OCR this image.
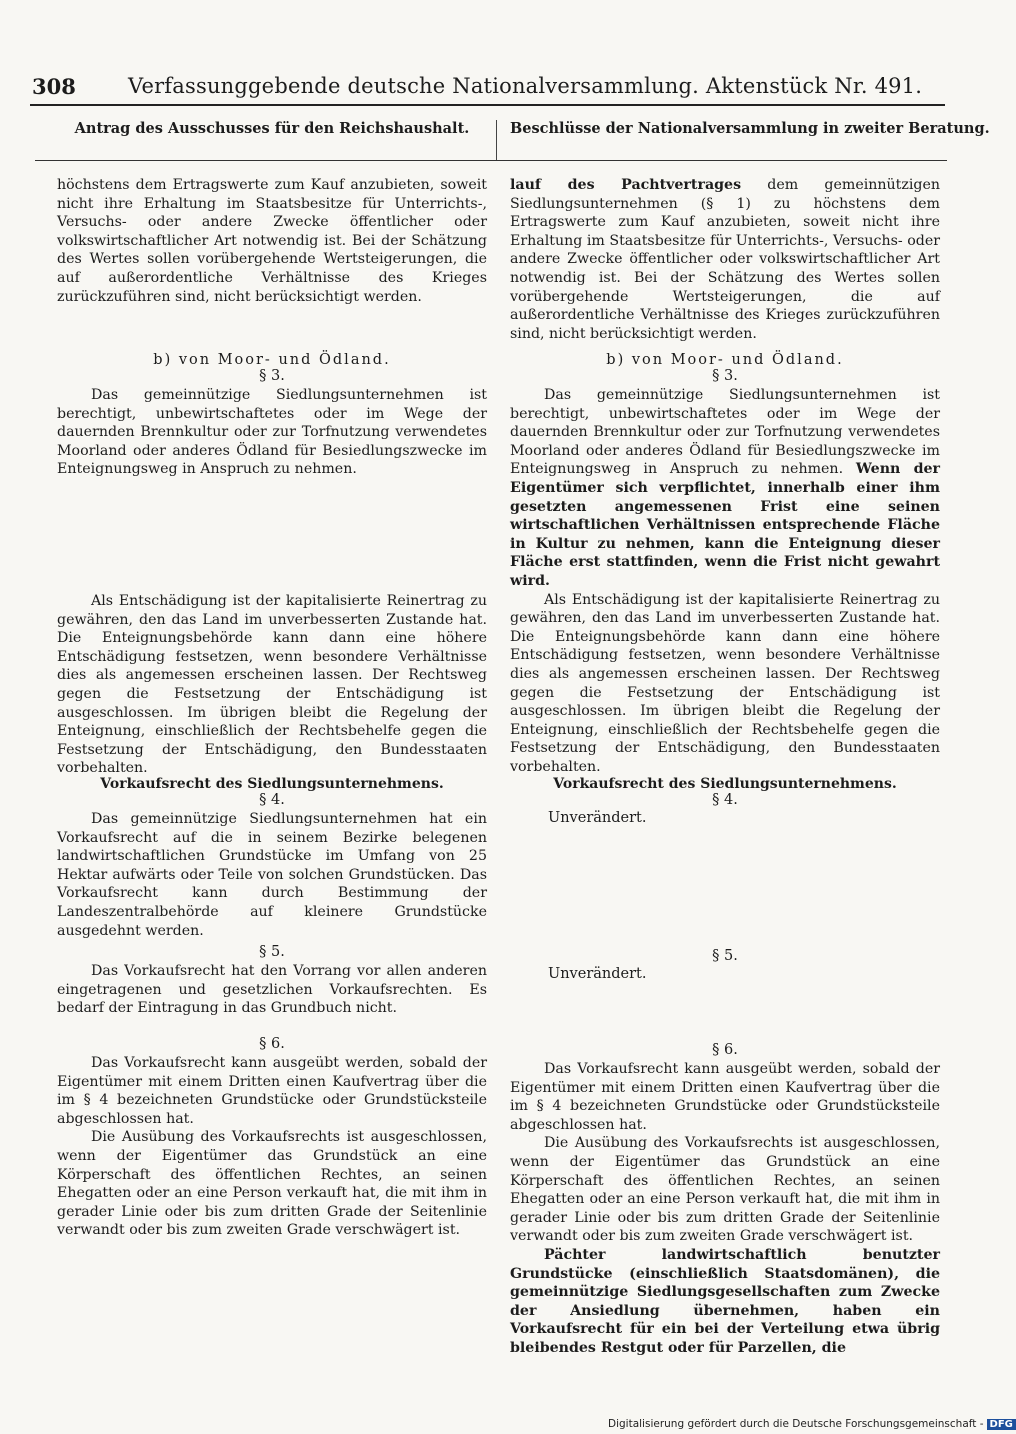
308 Verfassunggebende deutsche Nationalversammlung. Aktenstück Nr. 491.
Antrag des Ausschusses für den Reichshaushalt.

höchstens dem Ertragswerte zum Kauf anzubieten, soweit nicht ihre Erhaltung im Staatsbesitze für Unterrichts-, Versuchs- oder andere Zwecke öffentlicher oder volkswirtschaftlicher Art notwendig ist. Bei der Schätzung des Wertes sollen vorübergehende Wertsteigerungen, die auf außerordentliche Verhältnisse des Krieges zurückzuführen sind, nicht berücksichtigt werden.

b) von Moor- und Ödland.
§ 3.

Das gemeinnützige Siedlungsunternehmen ist berechtigt, unbewirtschaftetes oder im Wege der dauernden Brennkultur oder zur Torfnutzung verwendetes Moorland oder anderes Ödland für Besiedlungszwecke im Enteignungsweg in Anspruch zu nehmen.

Als Entschädigung ist der kapitalisierte Reinertrag zu gewähren, den das Land im unverbesserten Zustande hat. Die Enteignungsbehörde kann dann eine höhere Entschädigung festsetzen, wenn besondere Verhältnisse dies als angemessen erscheinen lassen. Der Rechtsweg gegen die Festsetzung der Entschädigung ist ausgeschlossen. Im übrigen bleibt die Regelung der Enteignung, einschließlich der Rechtsbehelfe gegen die Festsetzung der Entschädigung, den Bundesstaaten vorbehalten.

Vorkaufsrecht des Siedlungsunternehmens.
§ 4.

Das gemeinnützige Siedlungsunternehmen hat ein Vorkaufsrecht auf die in seinem Bezirke belegenen landwirtschaftlichen Grundstücke im Umfang von 25 Hektar aufwärts oder Teile von solchen Grundstücken. Das Vorkaufsrecht kann durch Bestimmung der Landeszentralbehörde auf kleinere Grundstücke ausgedehnt werden.

§ 5.

Das Vorkaufsrecht hat den Vorrang vor allen anderen eingetragenen und gesetzlichen Vorkaufsrechten. Es bedarf der Eintragung in das Grundbuch nicht.

§ 6.

Das Vorkaufsrecht kann ausgeübt werden, sobald der Eigentümer mit einem Dritten einen Kaufvertrag über die im § 4 bezeichneten Grundstücke oder Grundstücksteile abgeschlossen hat.

Die Ausübung des Vorkaufsrechts ist ausgeschlossen, wenn der Eigentümer das Grundstück an eine Körperschaft des öffentlichen Rechtes, an seinen Ehegatten oder an eine Person verkauft hat, die mit ihm in gerader Linie oder bis zum dritten Grade der Seitenlinie verwandt oder bis zum zweiten Grade verschwägert ist.

Beschlüsse der Nationalversammlung in zweiter Beratung.

lauf des Pachtvertrages dem gemeinnützigen Siedlungsunternehmen (§ 1) zu höchstens dem Ertragswerte zum Kauf anzubieten, soweit nicht ihre Erhaltung im Staatsbesitze für Unterrichts-, Versuchs- oder andere Zwecke öffentlicher oder volkswirtschaftlicher Art notwendig ist. Bei der Schätzung des Wertes sollen vorübergehende Wertsteigerungen, die auf außerordentliche Verhältnisse des Krieges zurückzuführen sind, nicht berücksichtigt werden.

b) von Moor- und Ödland.
§ 3.

Das gemeinnützige Siedlungsunternehmen ist berechtigt, unbewirtschaftetes oder im Wege der dauernden Brennkultur oder zur Torfnutzung verwendetes Moorland oder anderes Ödland für Besiedlungszwecke im Enteignungsweg in Anspruch zu nehmen. Wenn der Eigentümer sich verpflichtet, innerhalb einer ihm gesetzten angemessenen Frist eine seinen wirtschaftlichen Verhältnissen entsprechende Fläche in Kultur zu nehmen, kann die Enteignung dieser Fläche erst stattfinden, wenn die Frist nicht gewahrt wird.

Als Entschädigung ist der kapitalisierte Reinertrag zu gewähren, den das Land im unverbesserten Zustande hat. Die Enteignungsbehörde kann dann eine höhere Entschädigung festsetzen, wenn besondere Verhältnisse dies als angemessen erscheinen lassen. Der Rechtsweg gegen die Festsetzung der Entschädigung ist ausgeschlossen. Im übrigen bleibt die Regelung der Enteignung, einschließlich der Rechtsbehelfe gegen die Festsetzung der Entschädigung, den Bundesstaaten vorbehalten.

Vorkaufsrecht des Siedlungsunternehmens.
§ 4.
Unverändert.
§ 5.
Unverändert.
§ 6.

Das Vorkaufsrecht kann ausgeübt werden, sobald der Eigentümer mit einem Dritten einen Kaufvertrag über die im § 4 bezeichneten Grundstücke oder Grundstücksteile abgeschlossen hat.

Die Ausübung des Vorkaufsrechts ist ausgeschlossen, wenn der Eigentümer das Grundstück an eine Körperschaft des öffentlichen Rechtes, an seinen Ehegatten oder an eine Person verkauft hat, die mit ihm in gerader Linie oder bis zum dritten Grade der Seitenlinie verwandt oder bis zum zweiten Grade verschwägert ist.

Pächter landwirtschaftlich benutzter Grundstücke (einschließlich Staatsdomänen), die gemeinnützige Siedlungsgesellschaften zum Zwecke der Ansiedlung übernehmen, haben ein Vorkaufsrecht für ein bei der Verteilung etwa übrig bleibendes Restgut oder für Parzellen, die

Digitalisierung gefördert durch die Deutsche Forschungsgemeinschaft - DFG
